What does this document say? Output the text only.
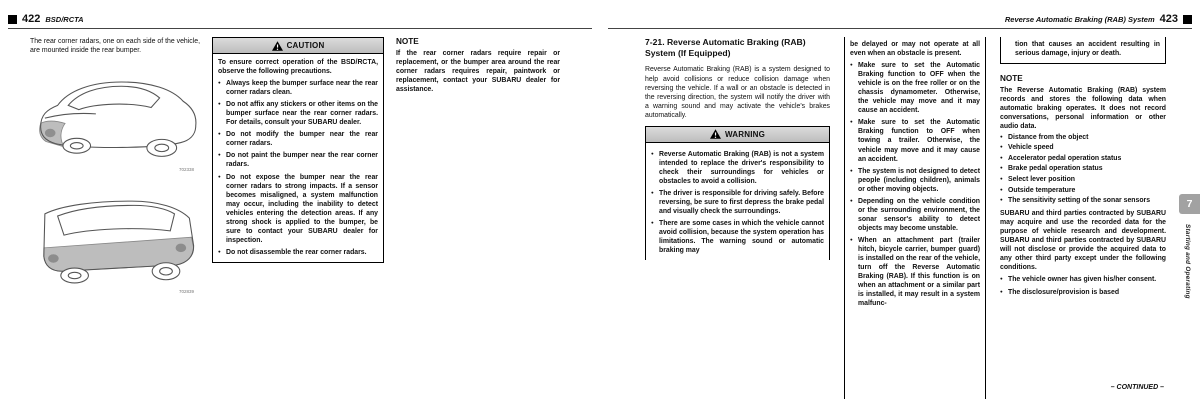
422 BSD/RCTA

The rear corner radars, one on each side of the vehicle, are mounted inside the rear bumper.

702338
702839
CAUTION

To ensure correct operation of the BSD/RCTA, observe the following precautions.

● Always keep the bumper surface near the rear corner radars clean.
● Do not affix any stickers or other items on the bumper surface near the rear corner radars. For details, consult your SUBARU dealer.
● Do not modify the bumper near the rear corner radars.
● Do not paint the bumper near the rear corner radars.
● Do not expose the bumper near the rear corner radars to strong impacts. If a sensor becomes misaligned, a system malfunction may occur, including the inability to detect vehicles entering the detection areas. If any strong shock is applied to the bumper, be sure to contact your SUBARU dealer for inspection.
● Do not disassemble the rear corner radars.
NOTE

If the rear corner radars require repair or replacement, or the bumper area around the rear corner radars requires repair, paintwork or replacement, contact your SUBARU dealer for assistance.

Reverse Automatic Braking (RAB) System 423
7-21. Reverse Automatic Braking (RAB) System (If Equipped)

Reverse Automatic Braking (RAB) is a system designed to help avoid collisions or reduce collision damage when reversing the vehicle. If a wall or an obstacle is detected in the reversing direction, the system will notify the driver with a warning sound and may activate the vehicle's brakes automatically.

WARNING
● Reverse Automatic Braking (RAB) is not a system intended to replace the driver's responsibility to check their surroundings for vehicles or obstacles to avoid a collision.
● The driver is responsible for driving safely. Before reversing, be sure to first depress the brake pedal and visually check the surroundings.
● There are some cases in which the vehicle cannot avoid collision, because the system operation has limitations. The warning sound or automatic braking may

be delayed or may not operate at all even when an obstacle is present.

● Make sure to set the Automatic Braking function to OFF when the vehicle is on the free roller or on the chassis dynamometer. Otherwise, the vehicle may move and it may cause an accident.
● Make sure to set the Automatic Braking function to OFF when towing a trailer. Otherwise, the vehicle may move and it may cause an accident.
● The system is not designed to detect people (including children), animals or other moving objects.
● Depending on the vehicle condition or the surrounding environment, the sonar sensor's ability to detect objects may become unstable.
● When an attachment part (trailer hitch, bicycle carrier, bumper guard) is installed on the rear of the vehicle, turn off the Reverse Automatic Braking (RAB). If this function is on when an attachment or a similar part is installed, it may result in a system malfunc-

tion that causes an accident resulting in serious damage, injury or death.

NOTE

The Reverse Automatic Braking (RAB) system records and stores the following data when automatic braking operates. It does not record conversations, personal information or other audio data.

● Distance from the object
● Vehicle speed
● Accelerator pedal operation status
● Brake pedal operation status
● Select lever position
● Outside temperature
● The sensitivity setting of the sonar sensors

SUBARU and third parties contracted by SUBARU may acquire and use the recorded data for the purpose of vehicle research and development. SUBARU and third parties contracted by SUBARU will not disclose or provide the acquired data to any other third party except under the following conditions.

● The vehicle owner has given his/her consent.
● The disclosure/provision is based
– CONTINUED –
7
Starting and Operating
